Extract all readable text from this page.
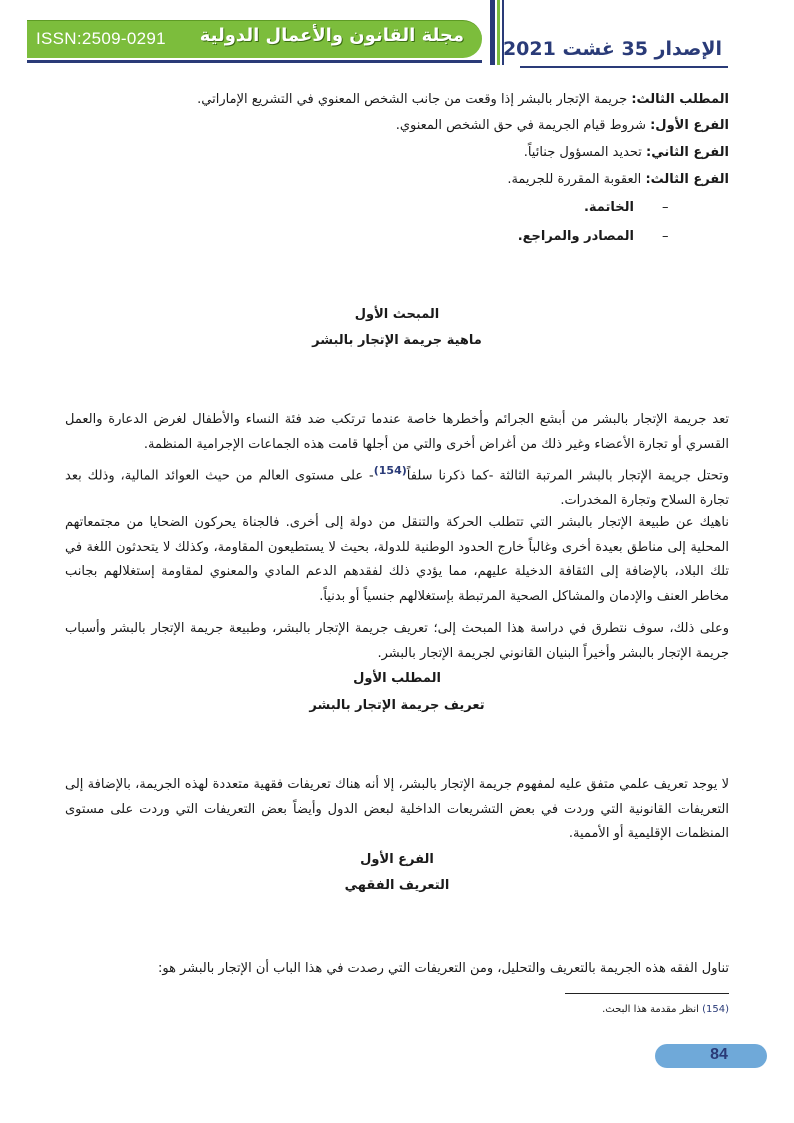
ISSN:2509-0291 مجلة القانون والأعمال الدولية
الإصدار 35 غشت 2021
المطلب الثالث: جريمة الإتجار بالبشر إذا وقعت من جانب الشخص المعنوي في التشريع الإماراتي.
الفرع الأول: شروط قيام الجريمة في حق الشخص المعنوي.
الفرع الثاني: تحديد المسؤول جنائياً.
الفرع الثالث: العقوبة المقررة للجريمة.
–
الخاتمة.
–
المصادر والمراجع.
المبحث الأول
ماهية جريمة الإتجار بالبشر
تعد جريمة الإتجار بالبشر من أبشع الجرائم وأخطرها خاصة عندما ترتكب ضد فئة النساء والأطفال لغرض الدعارة والعمل القسري أو تجارة الأعضاء وغير ذلك من أغراض أخرى والتي من أجلها قامت هذه الجماعات الإجرامية المنظمة.
وتحتل جريمة الإتجار بالبشر المرتبة الثالثة -كما ذكرنا سلفاً$^{(154)}$- على مستوى العالم من حيث العوائد المالية، وذلك بعد تجارة السلاح وتجارة المخدرات.
ناهيك عن طبيعة الإتجار بالبشر التي تتطلب الحركة والتنقل من دولة إلى أخرى. فالجناة يحركون الضحايا من مجتمعاتهم المحلية إلى مناطق بعيدة أخرى وغالباً خارج الحدود الوطنية للدولة، بحيث لا يستطيعون المقاومة، وكذلك لا يتحدثون اللغة في تلك البلاد، بالإضافة إلى الثقافة الدخيلة عليهم، مما يؤدي ذلك لفقدهم الدعم المادي والمعنوي لمقاومة إستغلالهم بجانب مخاطر العنف والإدمان والمشاكل الصحية المرتبطة بإستغلالهم جنسياً أو بدنياً.
وعلى ذلك، سوف نتطرق في دراسة هذا المبحث إلى؛ تعريف جريمة الإتجار بالبشر، وطبيعة جريمة الإتجار بالبشر وأسباب جريمة الإتجار بالبشر وأخيراً البنيان القانوني لجريمة الإتجار بالبشر.
المطلب الأول
تعريف جريمة الإتجار بالبشر
لا يوجد تعريف علمي متفق عليه لمفهوم جريمة الإتجار بالبشر، إلا أنه هناك تعريفات فقهية متعددة لهذه الجريمة، بالإضافة إلى التعريفات القانونية التي وردت في بعض التشريعات الداخلية لبعض الدول وأيضاً بعض التعريفات التي وردت على مستوى المنظمات الإقليمية أو الأممية.
الفرع الأول
التعريف الفقهي
تناول الفقه هذه الجريمة بالتعريف والتحليل، ومن التعريفات التي رصدت في هذا الباب أن الإتجار بالبشر هو:
(154) انظر مقدمة هذا البحث.
84
